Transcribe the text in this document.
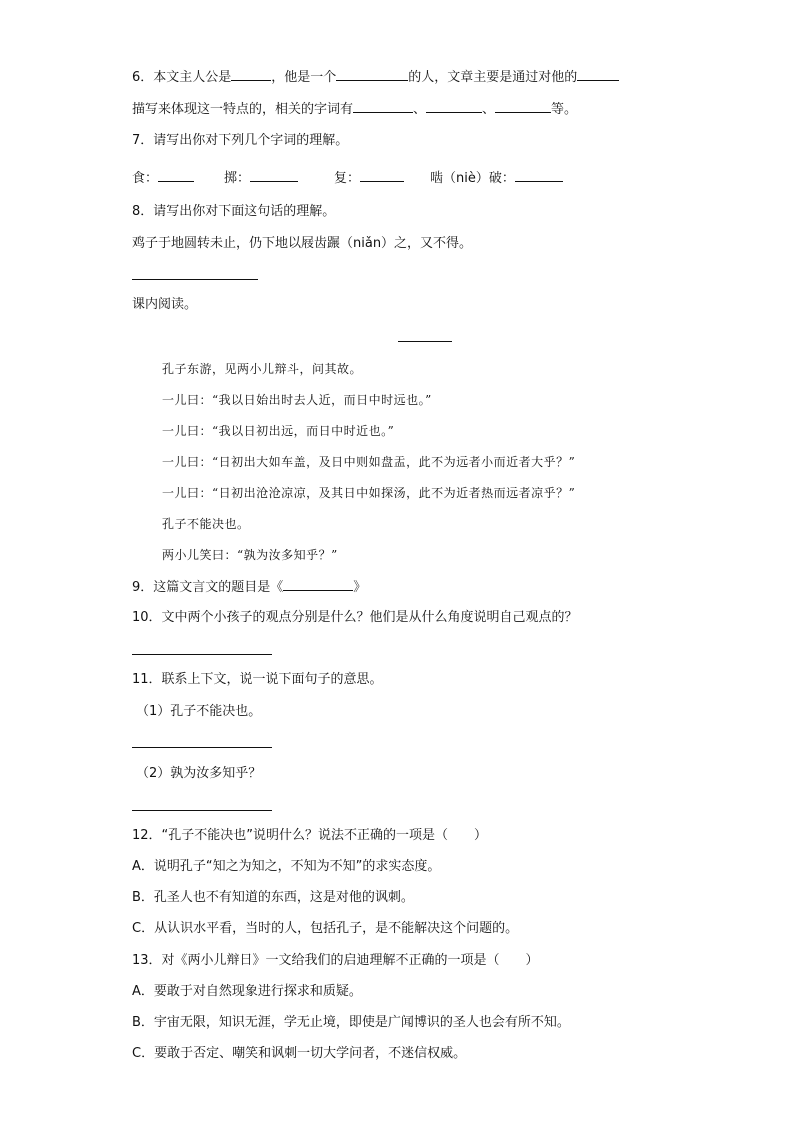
6．本文主人公是	，他是一个	的人，文章主要是通过对他的
描写来体现这一特点的，相关的字词有	、	、	等。
7．请写出你对下列几个字词的理解。
食：	掷：	复：	啮（niè）破：
8．请写出你对下面这句话的理解。
鸡子于地圆转未止，仍下地以屐齿蹍（niǎn）之，又不得。
课内阅读。
孔子东游，见两小儿辩斗，问其故。
一儿曰：“我以日始出时去人近，而日中时远也。”
一儿曰：“我以日初出远，而日中时近也。”
一儿曰：“日初出大如车盖，及日中则如盘盂，此不为远者小而近者大乎？”
一儿曰：“日初出沧沧凉凉，及其日中如探汤，此不为近者热而远者凉乎？”
孔子不能决也。
两小儿笑曰：“孰为汝多知乎？”
9．这篇文言文的题目是《	》
10．文中两个小孩子的观点分别是什么？他们是从什么角度说明自己观点的？
11．联系上下文，说一说下面句子的意思。
（1）孔子不能决也。
（2）孰为汝多知乎？
12．“孔子不能决也”说明什么？说法不正确的一项是（　　）
A．说明孔子“知之为知之，不知为不知”的求实态度。
B．孔圣人也不有知道的东西，这是对他的讽刺。
C．从认识水平看，当时的人，包括孔子，是不能解决这个问题的。
13．对《两小儿辩日》一文给我们的启迪理解不正确的一项是（　　）
A．要敢于对自然现象进行探求和质疑。
B．宇宙无限，知识无涯，学无止境，即使是广闻博识的圣人也会有所不知。
C．要敢于否定、嘲笑和讽刺一切大学问者，不迷信权威。
